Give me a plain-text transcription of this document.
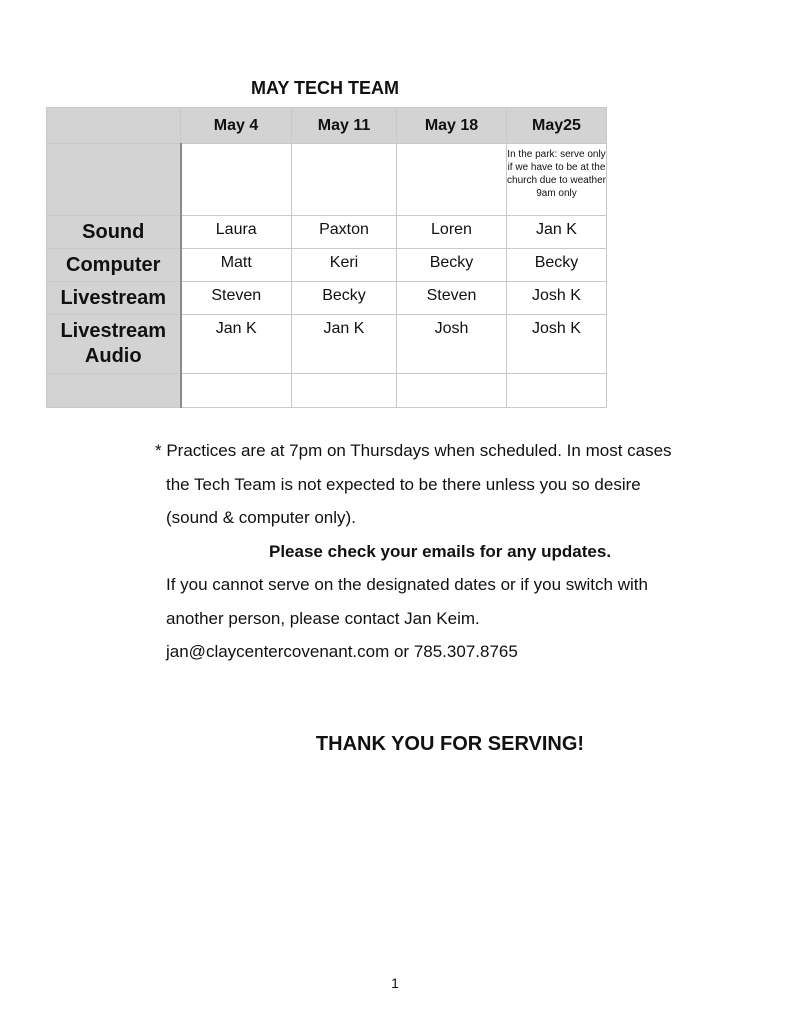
MAY TECH TEAM
	May 4	May 11	May 18	May25
				In the park: serve only if we have to be at the church due to weather 9am only
Sound	Laura	Paxton	Loren	Jan K
Computer	Matt	Keri	Becky	Becky
Livestream	Steven	Becky	Steven	Josh K
Livestream Audio	Jan K	Jan K	Josh	Josh K

* Practices are at 7pm on Thursdays when scheduled. In most cases
the Tech Team is not expected to be there unless you so desire
(sound & computer only).
Please check your emails for any updates.
If you cannot serve on the designated dates or if you switch with
another person, please contact Jan Keim.
jan@claycentercovenant.com or 785.307.8765
THANK YOU FOR SERVING!
1
